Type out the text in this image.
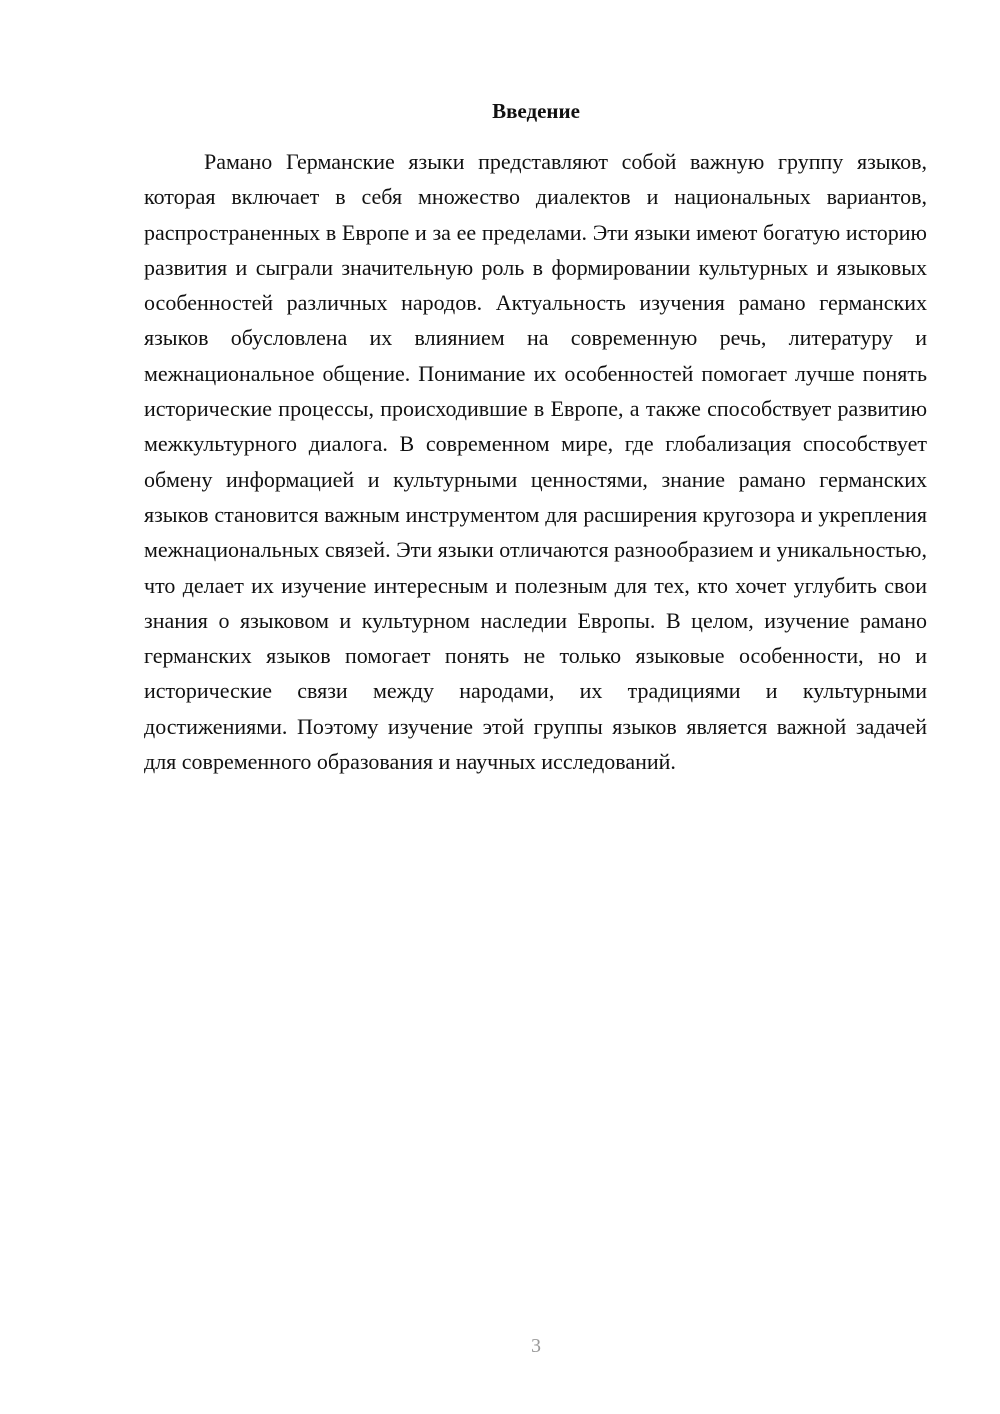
Введение

Рамано Германские языки представляют собой важную группу языков, которая включает в себя множество диалектов и национальных вариантов, распространенных в Европе и за ее пределами. Эти языки имеют богатую историю развития и сыграли значительную роль в формировании культурных и языковых особенностей различных народов. Актуальность изучения рамано германских языков обусловлена их влиянием на современную речь, литературу и межнациональное общение. Понимание их особенностей помогает лучше понять исторические процессы, происходившие в Европе, а также способствует развитию межкультурного диалога. В современном мире, где глобализация способствует обмену информацией и культурными ценностями, знание рамано германских языков становится важным инструментом для расширения кругозора и укрепления межнациональных связей. Эти языки отличаются разнообразием и уникальностью, что делает их изучение интересным и полезным для тех, кто хочет углубить свои знания о языковом и культурном наследии Европы. В целом, изучение рамано германских языков помогает понять не только языковые особенности, но и исторические связи между народами, их традициями и культурными достижениями. Поэтому изучение этой группы языков является важной задачей для современного образования и научных исследований.

3
